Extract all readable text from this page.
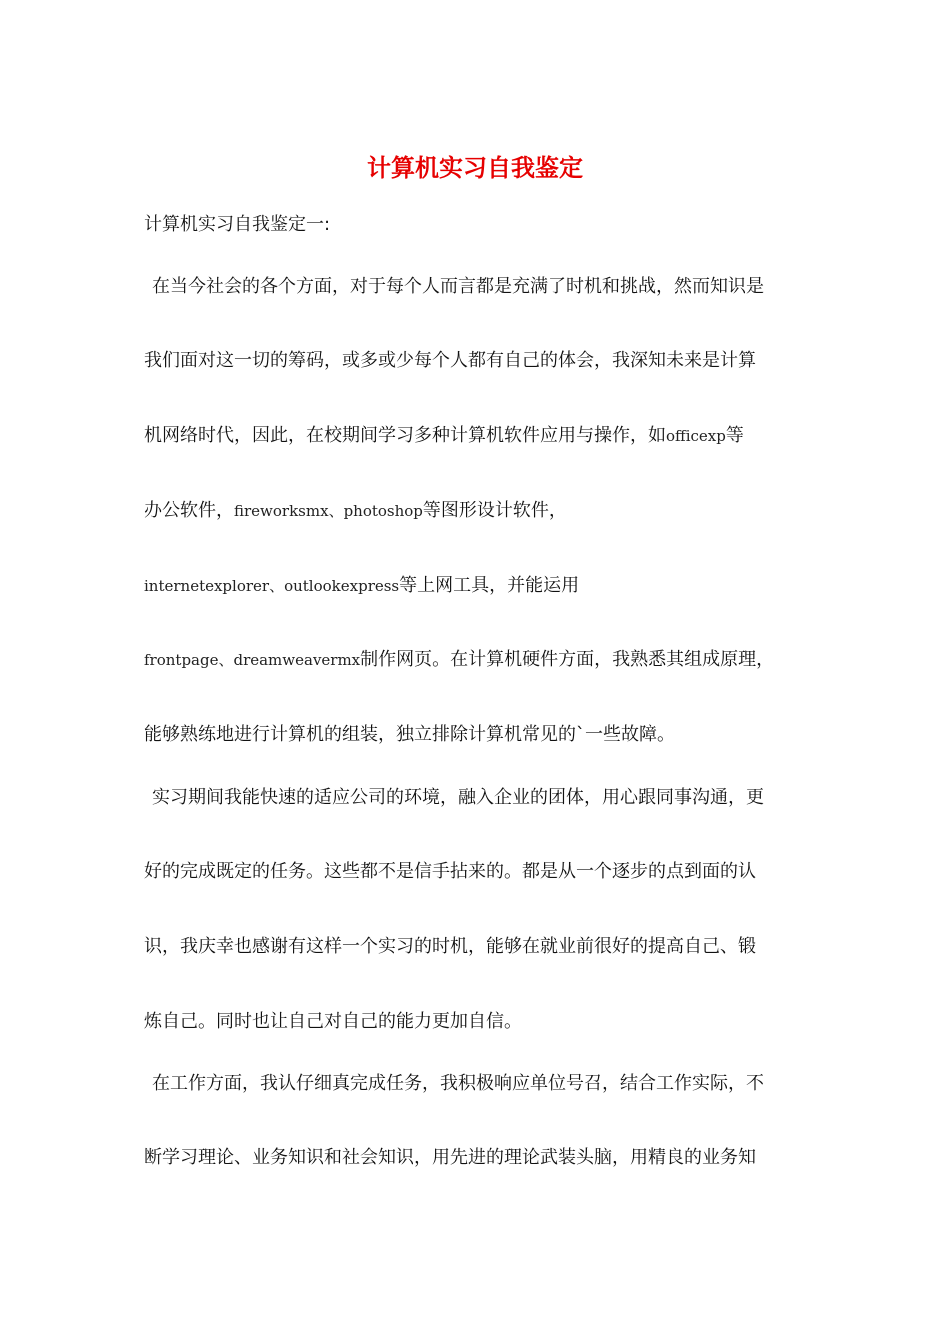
计算机实习自我鉴定
计算机实习自我鉴定一:
在当今社会的各个方面，对于每个人而言都是充满了时机和挑战，然而知识是
我们面对这一切的筹码，或多或少每个人都有自己的体会，我深知未来是计算
机网络时代，因此，在校期间学习多种计算机软件应用与操作，如officexp等
办公软件，fireworksmx、photoshop等图形设计软件，
internetexplorer、outlookexpress等上网工具，并能运用
frontpage、dreamweavermx制作网页。在计算机硬件方面，我熟悉其组成原理，
能够熟练地进行计算机的组装，独立排除计算机常见的`一些故障。
实习期间我能快速的适应公司的环境，融入企业的团体，用心跟同事沟通，更
好的完成既定的任务。这些都不是信手拈来的。都是从一个逐步的点到面的认
识，我庆幸也感谢有这样一个实习的时机，能够在就业前很好的提高自己、锻
炼自己。同时也让自己对自己的能力更加自信。
在工作方面，我认仔细真完成任务，我积极响应单位号召，结合工作实际，不
断学习理论、业务知识和社会知识，用先进的理论武装头脑，用精良的业务知
